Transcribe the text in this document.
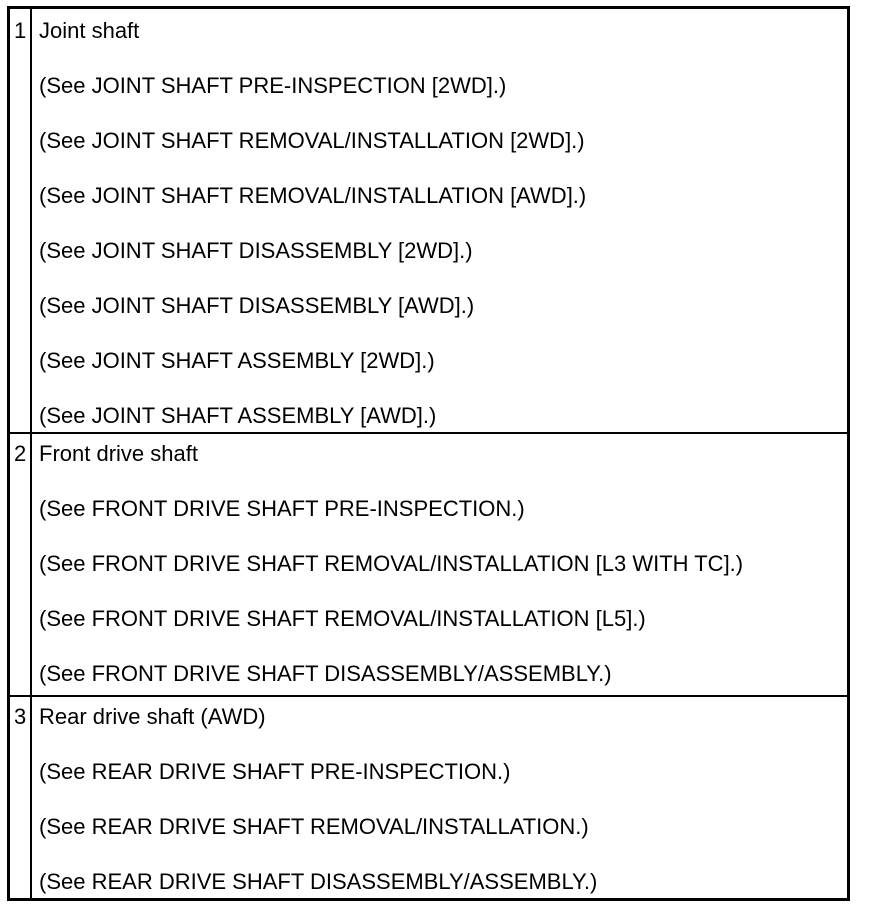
1 Joint shaft
(See JOINT SHAFT PRE-INSPECTION [2WD].)
(See JOINT SHAFT REMOVAL/INSTALLATION [2WD].)
(See JOINT SHAFT REMOVAL/INSTALLATION [AWD].)
(See JOINT SHAFT DISASSEMBLY [2WD].)
(See JOINT SHAFT DISASSEMBLY [AWD].)
(See JOINT SHAFT ASSEMBLY [2WD].)
(See JOINT SHAFT ASSEMBLY [AWD].)
2 Front drive shaft
(See FRONT DRIVE SHAFT PRE-INSPECTION.)
(See FRONT DRIVE SHAFT REMOVAL/INSTALLATION [L3 WITH TC].)
(See FRONT DRIVE SHAFT REMOVAL/INSTALLATION [L5].)
(See FRONT DRIVE SHAFT DISASSEMBLY/ASSEMBLY.)
3 Rear drive shaft (AWD)
(See REAR DRIVE SHAFT PRE-INSPECTION.)
(See REAR DRIVE SHAFT REMOVAL/INSTALLATION.)
(See REAR DRIVE SHAFT DISASSEMBLY/ASSEMBLY.)
